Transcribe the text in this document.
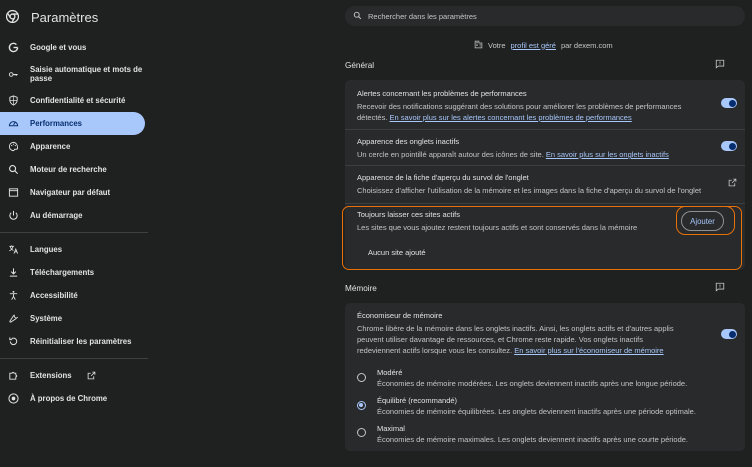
Paramètres
Rechercher dans les paramètres
Google et vous
Saisie automatique et mots de passe
Confidentialité et sécurité
Performances
Apparence
Moteur de recherche
Navigateur par défaut
Au démarrage
Langues
Téléchargements
Accessibilité
Système
Réinitialiser les paramètres
Extensions
À propos de Chrome
Votre profil est géré par dexem.com
Général
Alertes concernant les problèmes de performances
Recevoir des notifications suggérant des solutions pour améliorer les problèmes de performances détectés. En savoir plus sur les alertes concernant les problèmes de performances
Apparence des onglets inactifs
Un cercle en pointillé apparaît autour des icônes de site. En savoir plus sur les onglets inactifs
Apparence de la fiche d'aperçu du survol de l'onglet
Choisissez d'afficher l'utilisation de la mémoire et les images dans la fiche d'aperçu du survol de l'onglet
Toujours laisser ces sites actifs
Les sites que vous ajoutez restent toujours actifs et sont conservés dans la mémoire
Aucun site ajouté
Ajouter
Mémoire
Économiseur de mémoire
Chrome libère de la mémoire dans les onglets inactifs. Ainsi, les onglets actifs et d'autres applis peuvent utiliser davantage de ressources, et Chrome reste rapide. Vos onglets inactifs redeviennent actifs lorsque vous les consultez. En savoir plus sur l'économiseur de mémoire
Modéré
Économies de mémoire modérées. Les onglets deviennent inactifs après une longue période.
Équilibré (recommandé)
Économies de mémoire équilibrées. Les onglets deviennent inactifs après une période optimale.
Maximal
Économies de mémoire maximales. Les onglets deviennent inactifs après une courte période.
